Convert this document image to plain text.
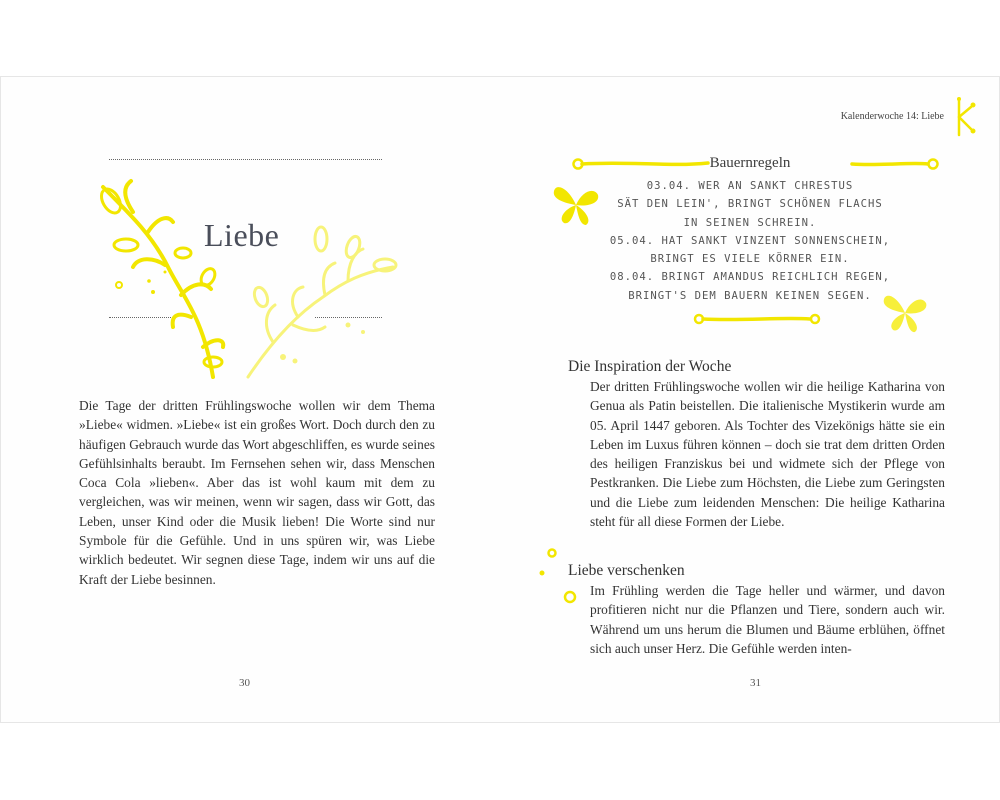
Liebe

Die Tage der dritten Frühlingswoche wollen wir dem Thema »Liebe« widmen. »Liebe« ist ein großes Wort. Doch durch den zu häufigen Gebrauch wurde das Wort abgeschliffen, es wurde seines Gefühlsinhalts beraubt. Im Fernsehen sehen wir, dass Menschen Coca Cola »lieben«. Aber das ist wohl kaum mit dem zu vergleichen, was wir meinen, wenn wir sagen, dass wir Gott, das Leben, unser Kind oder die Musik lieben! Die Worte sind nur Symbole für die Gefühle. Und in uns spüren wir, was Liebe wirklich bedeutet. Wir segnen diese Tage, indem wir uns auf die Kraft der Liebe besinnen.

30
Kalenderwoche 14: Liebe
Bauernregeln
03.04. WER AN SANKT CHRESTUS
SÄT DEN LEIN', BRINGT SCHÖNEN FLACHS
IN SEINEN SCHREIN.
05.04. HAT SANKT VINZENT SONNENSCHEIN,
BRINGT ES VIELE KÖRNER EIN.
08.04. BRINGT AMANDUS REICHLICH REGEN,
BRINGT'S DEM BAUERN KEINEN SEGEN.
Die Inspiration der Woche

Der dritten Frühlingswoche wollen wir die heilige Katharina von Genua als Patin beistellen. Die italienische Mystikerin wurde am 05. April 1447 geboren. Als Tochter des Vizekönigs hätte sie ein Leben im Luxus führen können – doch sie trat dem dritten Orden des heiligen Franziskus bei und widmete sich der Pflege von Pestkranken. Die Liebe zum Höchsten, die Liebe zum Geringsten und die Liebe zum leidenden Menschen: Die heilige Katharina steht für all diese Formen der Liebe.

Liebe verschenken

Im Frühling werden die Tage heller und wärmer, und davon profitieren nicht nur die Pflanzen und Tiere, sondern auch wir. Während um uns herum die Blumen und Bäume erblühen, öffnet sich auch unser Herz. Die Gefühle werden inten-

31
